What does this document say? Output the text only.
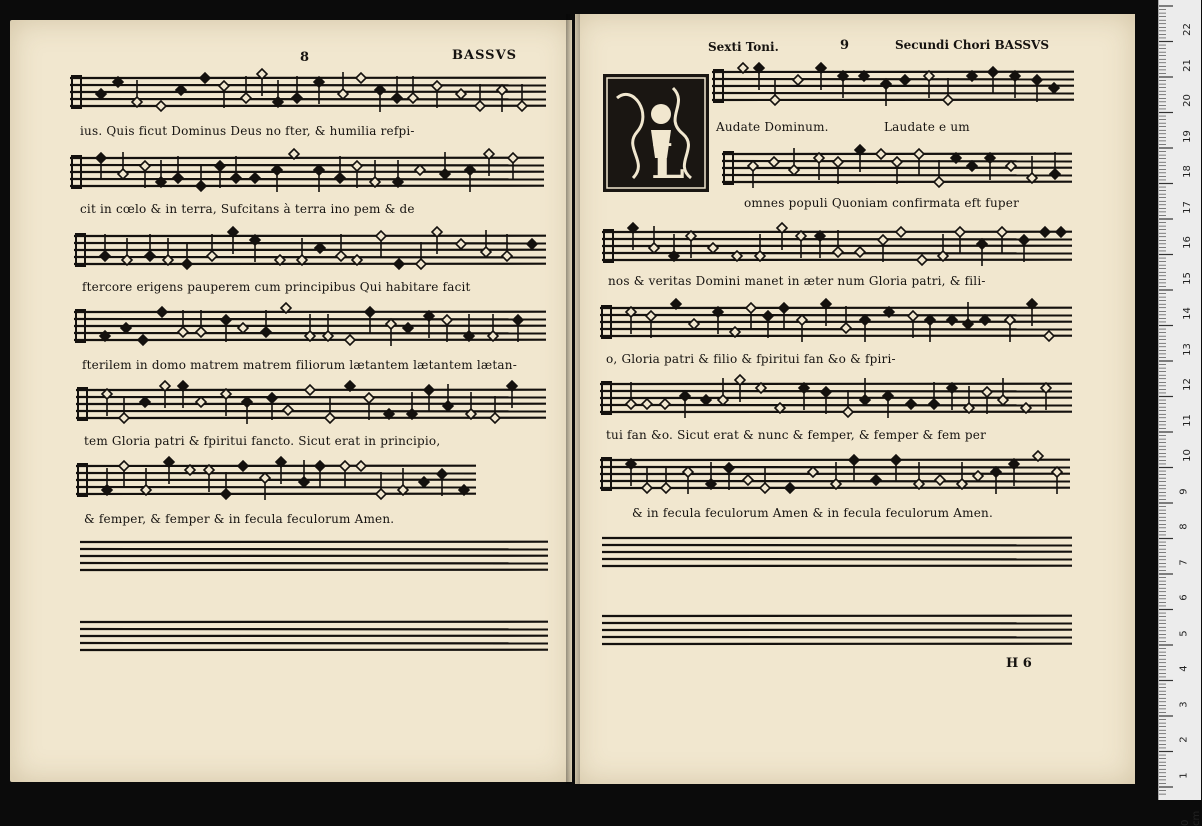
8	BASSVS
ius. Quis ficut Dominus Deus no fter, & humilia refpi-
cit in cœlo & in terra, Sufcitans à terra ino pem & de
ftercore erigens pauperem cum principibus Qui habitare facit
fterilem in domo matrem matrem filiorum lætantem lætantem lætan-
tem Gloria patri & fpiritui fancto. Sicut erat in principio,
& femper, & femper & in fecula feculorum Amen.
Sexti Toni.	9	Secundi Chori BASSVS
L
Audate Dominum.	Laudate e um
omnes populi Quoniam confirmata eft fuper
nos & veritas Domini manet in æter num Gloria patri, & fili-
o, Gloria patri & filio & fpiritui fan &o & fpiri-
tui fan &o. Sicut erat & nunc & femper, & femper & fem per
& in fecula feculorum Amen & in fecula feculorum Amen.
H 6
22
21
20
19
18
17
16
15
14
13
12
11
10
9
8
7
6
5
4
3
2
1
0 cm
